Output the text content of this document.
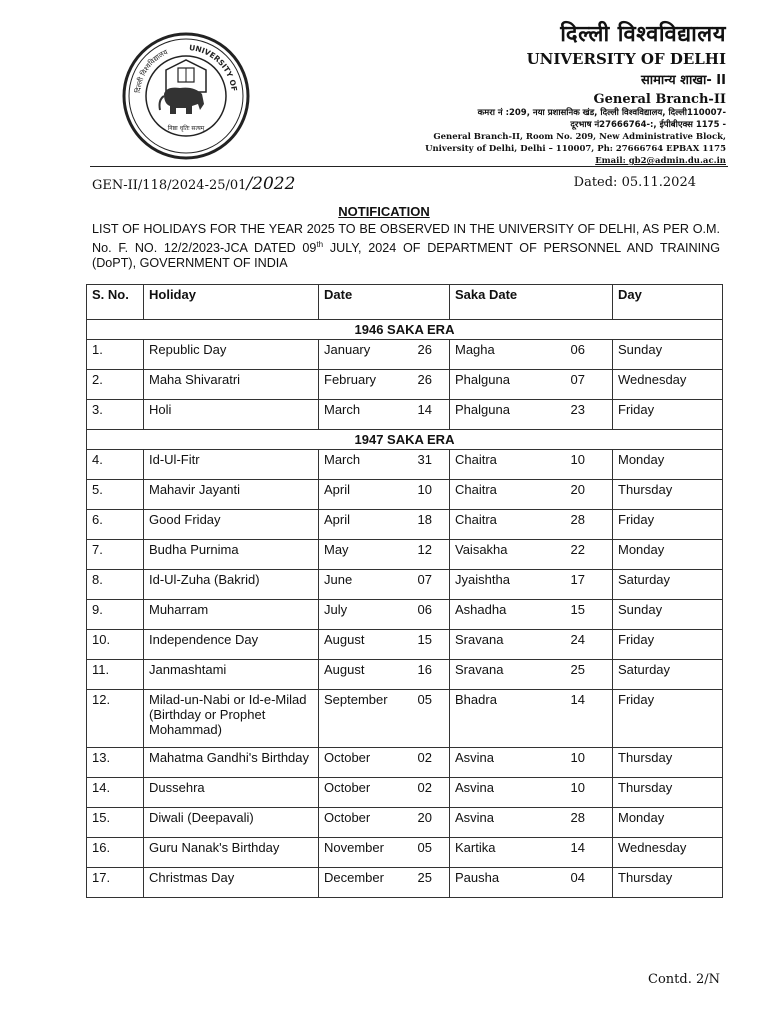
निष्ठा धृतिः सत्यम्
UNIVERSITY OF
दिल्ली विश्वविद्यालय
दिल्ली विश्वविद्यालय
UNIVERSITY OF DELHI
सामान्य शाखा- II
General Branch-II
कमरा नं :209, नया प्रशासनिक खंड, दिल्ली विश्वविद्यालय, दिल्ली110007-
दूरभाष नं27666764-:, ईपीबीएक्स 1175 -
General Branch-II, Room No. 209, New Administrative Block,
University of Delhi, Delhi – 110007, Ph: 27666764 EPBAX 1175
Email: gb2@admin.du.ac.in
GEN-II/118/2024-25/01/2022	Dated: 05.11.2024
NOTIFICATION
LIST OF HOLIDAYS FOR THE YEAR 2025 TO BE OBSERVED IN THE UNIVERSITY OF DELHI, AS PER O.M. No. F. NO. 12/2/2023-JCA DATED 09th JULY, 2024 OF DEPARTMENT OF PERSONNEL AND TRAINING (DoPT), GOVERNMENT OF INDIA
S. No.	Holiday	Date	Saka Date	Day
1946 SAKA ERA				
1.	Republic Day	January 26	Magha 06	Sunday
2.	Maha Shivaratri	February 26	Phalguna 07	Wednesday
3.	Holi	March 14	Phalguna 23	Friday
1947 SAKA ERA				
4.	Id-Ul-Fitr	March 31	Chaitra 10	Monday
5.	Mahavir Jayanti	April 10	Chaitra 20	Thursday
6.	Good Friday	April 18	Chaitra 28	Friday
7.	Budha Purnima	May 12	Vaisakha 22	Monday
8.	Id-Ul-Zuha (Bakrid)	June 07	Jyaishtha 17	Saturday
9.	Muharram	July 06	Ashadha 15	Sunday
10.	Independence Day	August 15	Sravana 24	Friday
11.	Janmashtami	August 16	Sravana 25	Saturday
12.	Milad-un-Nabi or Id-e-Milad (Birthday or Prophet Mohammad)	September 05	Bhadra 14	Friday
13.	Mahatma Gandhi's Birthday	October 02	Asvina 10	Thursday
14.	Dussehra	October 02	Asvina 10	Thursday
15.	Diwali (Deepavali)	October 20	Asvina 28	Monday
16.	Guru Nanak's Birthday	November 05	Kartika 14	Wednesday
17.	Christmas Day	December 25	Pausha 04	Thursday
Contd. 2/N
